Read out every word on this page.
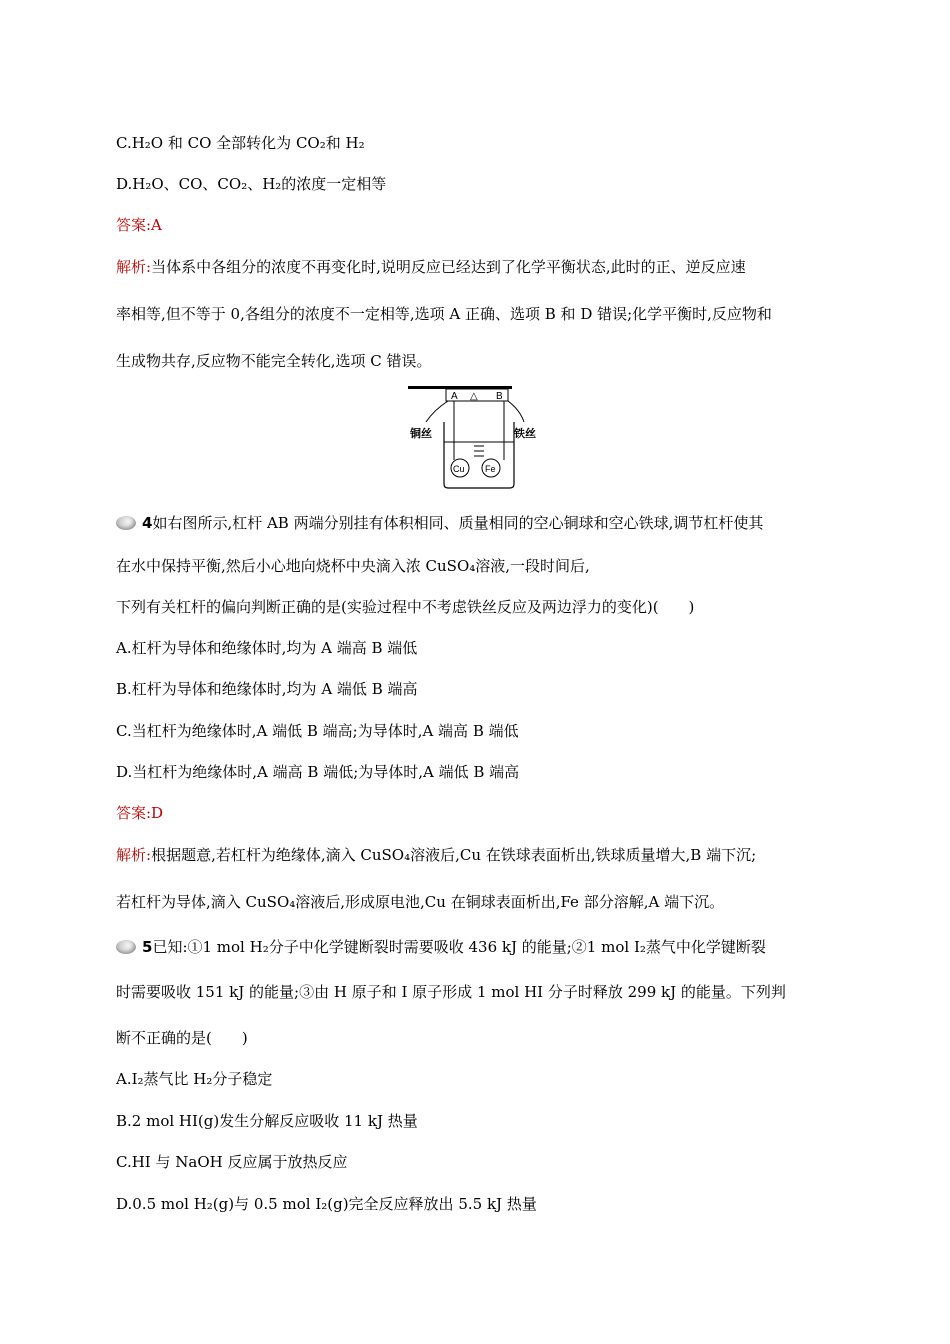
C.H₂O 和 CO 全部转化为 CO₂和 H₂
D.H₂O、CO、CO₂、H₂的浓度一定相等
答案:A
解析:当体系中各组分的浓度不再变化时,说明反应已经达到了化学平衡状态,此时的正、逆反应速
率相等,但不等于 0,各组分的浓度不一定相等,选项 A 正确、选项 B 和 D 错误;化学平衡时,反应物和
生成物共存,反应物不能完全转化,选项 C 错误。
A △ B
铜丝	铁丝
Cu Fe
4如右图所示,杠杆 AB 两端分别挂有体积相同、质量相同的空心铜球和空心铁球,调节杠杆使其
在水中保持平衡,然后小心地向烧杯中央滴入浓 CuSO₄溶液,一段时间后,
下列有关杠杆的偏向判断正确的是(实验过程中不考虑铁丝反应及两边浮力的变化)(　　)
A.杠杆为导体和绝缘体时,均为 A 端高 B 端低
B.杠杆为导体和绝缘体时,均为 A 端低 B 端高
C.当杠杆为绝缘体时,A 端低 B 端高;为导体时,A 端高 B 端低
D.当杠杆为绝缘体时,A 端高 B 端低;为导体时,A 端低 B 端高
答案:D
解析:根据题意,若杠杆为绝缘体,滴入 CuSO₄溶液后,Cu 在铁球表面析出,铁球质量增大,B 端下沉;
若杠杆为导体,滴入 CuSO₄溶液后,形成原电池,Cu 在铜球表面析出,Fe 部分溶解,A 端下沉。
5已知:①1 mol H₂分子中化学键断裂时需要吸收 436 kJ 的能量;②1 mol I₂蒸气中化学键断裂
时需要吸收 151 kJ 的能量;③由 H 原子和 I 原子形成 1 mol HI 分子时释放 299 kJ 的能量。下列判
断不正确的是(　　)
A.I₂蒸气比 H₂分子稳定
B.2 mol HI(g)发生分解反应吸收 11 kJ 热量
C.HI 与 NaOH 反应属于放热反应
D.0.5 mol H₂(g)与 0.5 mol I₂(g)完全反应释放出 5.5 kJ 热量
